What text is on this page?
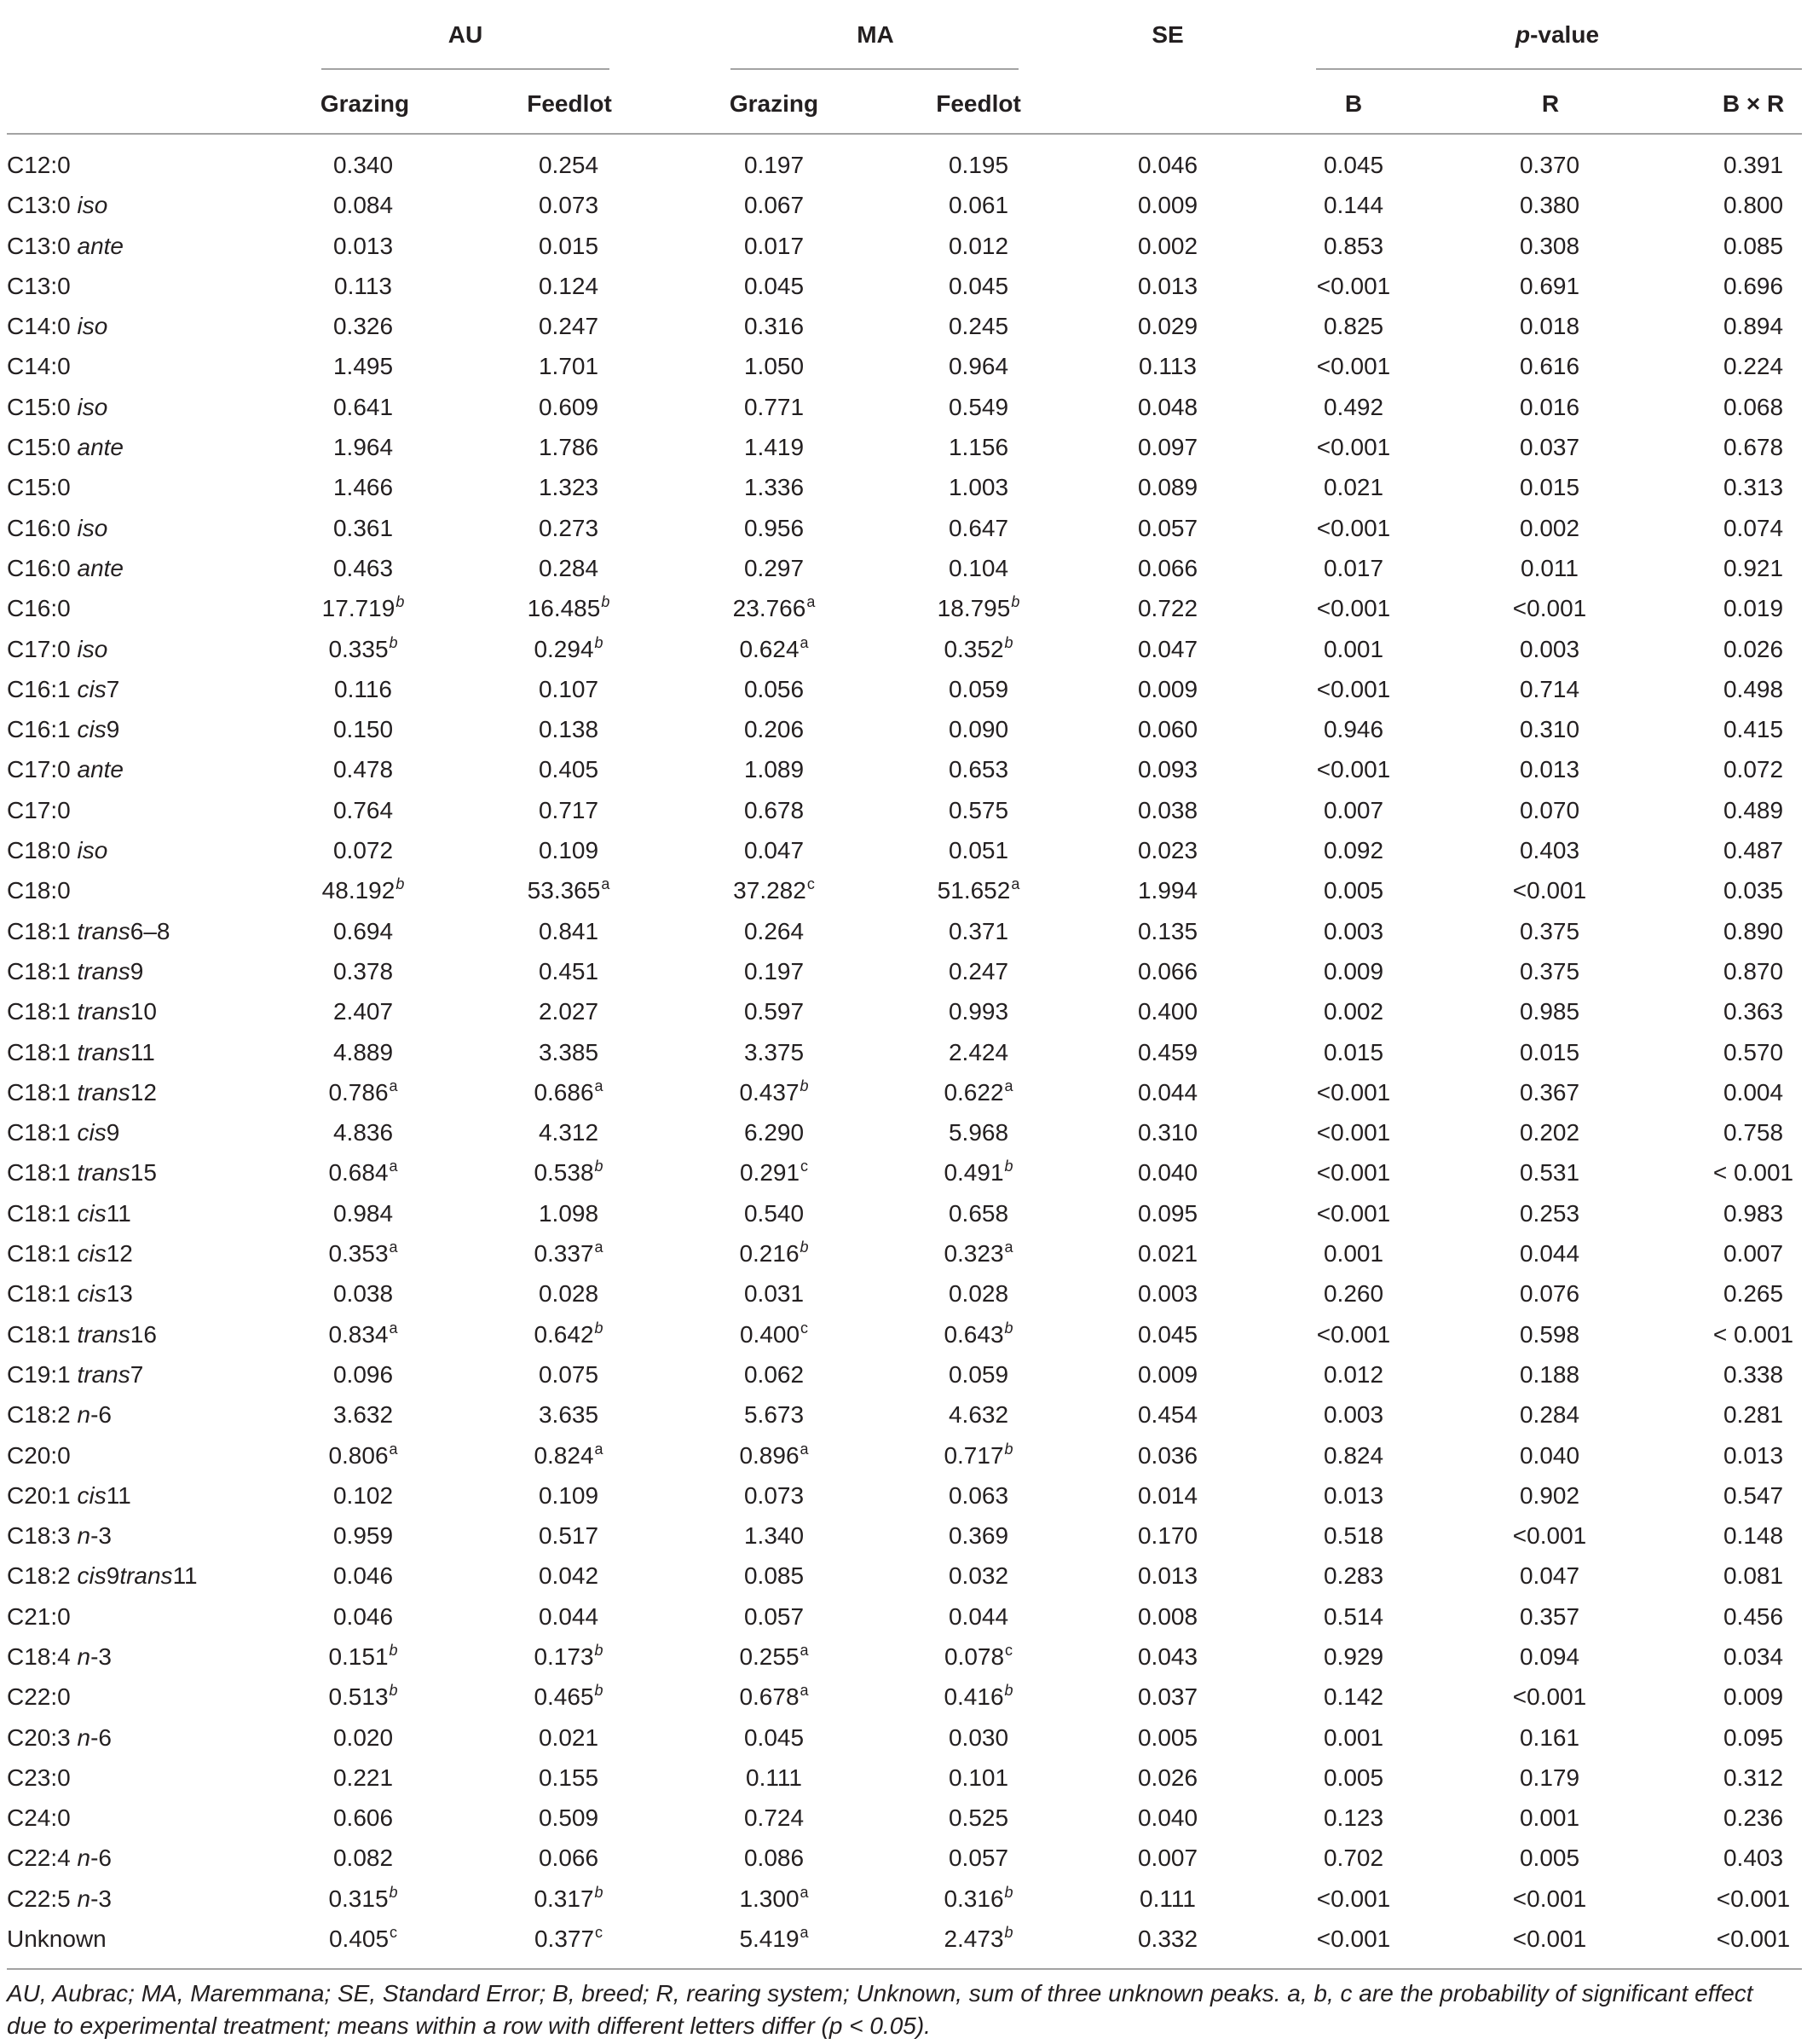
AU	MA	SE	p-value
Grazing	Feedlot	Grazing	Feedlot	B	R	B × R
C12:0	0.340	0.254	0.197	0.195	0.046	0.045	0.370	0.391
C13:0 iso	0.084	0.073	0.067	0.061	0.009	0.144	0.380	0.800
C13:0 ante	0.013	0.015	0.017	0.012	0.002	0.853	0.308	0.085
C13:0	0.113	0.124	0.045	0.045	0.013	<0.001	0.691	0.696
C14:0 iso	0.326	0.247	0.316	0.245	0.029	0.825	0.018	0.894
C14:0	1.495	1.701	1.050	0.964	0.113	<0.001	0.616	0.224
C15:0 iso	0.641	0.609	0.771	0.549	0.048	0.492	0.016	0.068
C15:0 ante	1.964	1.786	1.419	1.156	0.097	<0.001	0.037	0.678
C15:0	1.466	1.323	1.336	1.003	0.089	0.021	0.015	0.313
C16:0 iso	0.361	0.273	0.956	0.647	0.057	<0.001	0.002	0.074
C16:0 ante	0.463	0.284	0.297	0.104	0.066	0.017	0.011	0.921
C16:0	17.719$^b$	16.485$^b$	23.766$^a$	18.795$^b$	0.722	<0.001	<0.001	0.019
C17:0 iso	0.335$^b$	0.294$^b$	0.624$^a$	0.352$^b$	0.047	0.001	0.003	0.026
C16:1 cis7	0.116	0.107	0.056	0.059	0.009	<0.001	0.714	0.498
C16:1 cis9	0.150	0.138	0.206	0.090	0.060	0.946	0.310	0.415
C17:0 ante	0.478	0.405	1.089	0.653	0.093	<0.001	0.013	0.072
C17:0	0.764	0.717	0.678	0.575	0.038	0.007	0.070	0.489
C18:0 iso	0.072	0.109	0.047	0.051	0.023	0.092	0.403	0.487
C18:0	48.192$^b$	53.365$^a$	37.282$^c$	51.652$^a$	1.994	0.005	<0.001	0.035
C18:1 trans6–8	0.694	0.841	0.264	0.371	0.135	0.003	0.375	0.890
C18:1 trans9	0.378	0.451	0.197	0.247	0.066	0.009	0.375	0.870
C18:1 trans10	2.407	2.027	0.597	0.993	0.400	0.002	0.985	0.363
C18:1 trans11	4.889	3.385	3.375	2.424	0.459	0.015	0.015	0.570
C18:1 trans12	0.786$^a$	0.686$^a$	0.437$^b$	0.622$^a$	0.044	<0.001	0.367	0.004
C18:1 cis9	4.836	4.312	6.290	5.968	0.310	<0.001	0.202	0.758
C18:1 trans15	0.684$^a$	0.538$^b$	0.291$^c$	0.491$^b$	0.040	<0.001	0.531	< 0.001
C18:1 cis11	0.984	1.098	0.540	0.658	0.095	<0.001	0.253	0.983
C18:1 cis12	0.353$^a$	0.337$^a$	0.216$^b$	0.323$^a$	0.021	0.001	0.044	0.007
C18:1 cis13	0.038	0.028	0.031	0.028	0.003	0.260	0.076	0.265
C18:1 trans16	0.834$^a$	0.642$^b$	0.400$^c$	0.643$^b$	0.045	<0.001	0.598	< 0.001
C19:1 trans7	0.096	0.075	0.062	0.059	0.009	0.012	0.188	0.338
C18:2 n-6	3.632	3.635	5.673	4.632	0.454	0.003	0.284	0.281
C20:0	0.806$^a$	0.824$^a$	0.896$^a$	0.717$^b$	0.036	0.824	0.040	0.013
C20:1 cis11	0.102	0.109	0.073	0.063	0.014	0.013	0.902	0.547
C18:3 n-3	0.959	0.517	1.340	0.369	0.170	0.518	<0.001	0.148
C18:2 cis9trans11	0.046	0.042	0.085	0.032	0.013	0.283	0.047	0.081
C21:0	0.046	0.044	0.057	0.044	0.008	0.514	0.357	0.456
C18:4 n-3	0.151$^b$	0.173$^b$	0.255$^a$	0.078$^c$	0.043	0.929	0.094	0.034
C22:0	0.513$^b$	0.465$^b$	0.678$^a$	0.416$^b$	0.037	0.142	<0.001	0.009
C20:3 n-6	0.020	0.021	0.045	0.030	0.005	0.001	0.161	0.095
C23:0	0.221	0.155	0.111	0.101	0.026	0.005	0.179	0.312
C24:0	0.606	0.509	0.724	0.525	0.040	0.123	0.001	0.236
C22:4 n-6	0.082	0.066	0.086	0.057	0.007	0.702	0.005	0.403
C22:5 n-3	0.315$^b$	0.317$^b$	1.300$^a$	0.316$^b$	0.111	<0.001	<0.001	<0.001
Unknown	0.405$^c$	0.377$^c$	5.419$^a$	2.473$^b$	0.332	<0.001	<0.001	<0.001
AU, Aubrac; MA, Maremmana; SE, Standard Error; B, breed; R, rearing system; Unknown, sum of three unknown peaks. a, b, c are the probability of significant effect
due to experimental treatment; means within a row with different letters differ (p < 0.05).
